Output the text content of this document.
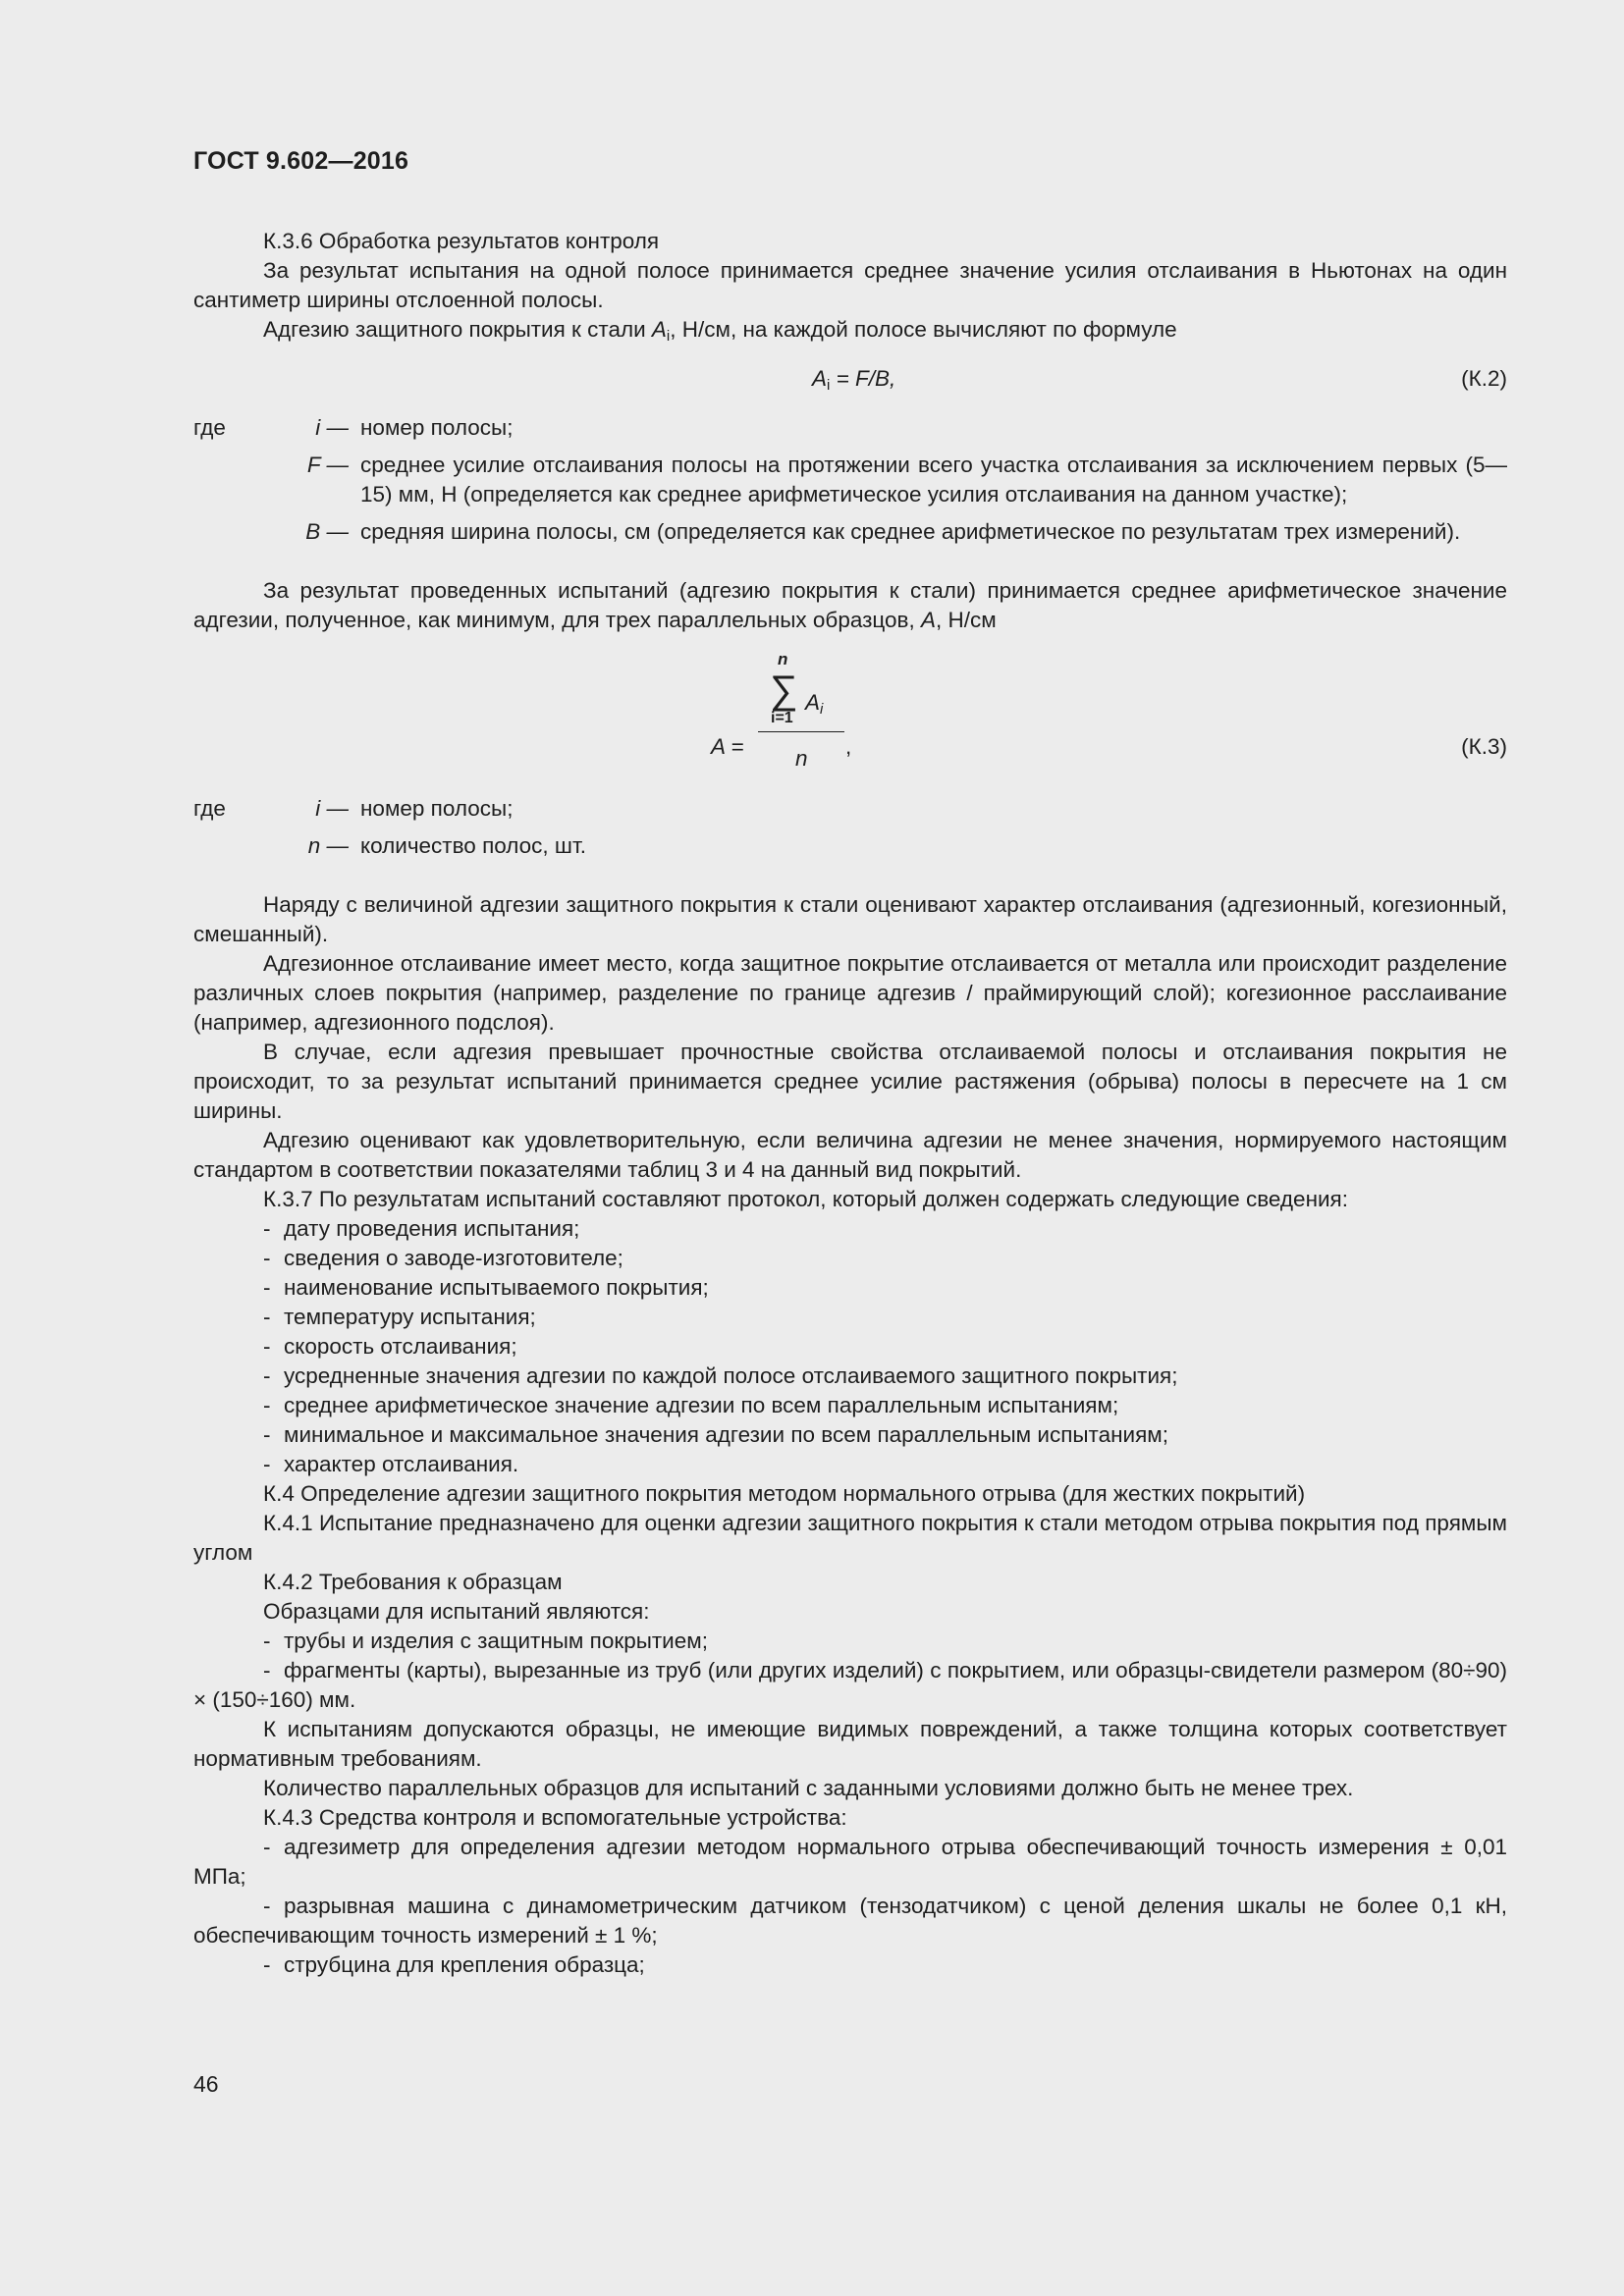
ГОСТ 9.602—2016

К.3.6 Обработка результатов контроля

За результат испытания на одной полосе принимается среднее значение усилия отслаивания в Ньютонах на один сантиметр ширины отслоенной полосы.

Адгезию защитного покрытия к стали $A_i$, Н/см, на каждой полосе вычисляют по формуле

$A_i = F/B$,	(К.2)
где	i —	номер полосы;
	F —	среднее усилие отслаивания полосы на протяжении всего участка отслаивания за исключением первых (5—15) мм, Н (определяется как среднее арифметическое усилия отслаивания на данном участке);
	B —	средняя ширина полосы, см (определяется как среднее арифметическое по результатам трех измерений).

За результат проведенных испытаний (адгезию покрытия к стали) принимается среднее арифметическое значение адгезии, полученное, как минимум, для трех параллельных образцов, A, Н/см

A =
n
∑
i=1
$A_i$
n ,	(К.3)
где	i —	номер полосы;
	n —	количество полос, шт.

Наряду с величиной адгезии защитного покрытия к стали оценивают характер отслаивания (адгезионный, когезионный, смешанный).

Адгезионное отслаивание имеет место, когда защитное покрытие отслаивается от металла или происходит разделение различных слоев покрытия (например, разделение по границе адгезив / праймирующий слой); когезионное расслаивание (например, адгезионного подслоя).

В случае, если адгезия превышает прочностные свойства отслаиваемой полосы и отслаивания покрытия не происходит, то за результат испытаний принимается среднее усилие растяжения (обрыва) полосы в пересчете на 1 см ширины.

Адгезию оценивают как удовлетворительную, если величина адгезии не менее значения, нормируемого настоящим стандартом в соответствии показателями таблиц 3 и 4 на данный вид покрытий.

К.3.7 По результатам испытаний составляют протокол, который должен содержать следующие сведения:

- дату проведения испытания;

- сведения о заводе-изготовителе;

- наименование испытываемого покрытия;

- температуру испытания;

- скорость отслаивания;

- усредненные значения адгезии по каждой полосе отслаиваемого защитного покрытия;

- среднее арифметическое значение адгезии по всем параллельным испытаниям;

- минимальное и максимальное значения адгезии по всем параллельным испытаниям;

- характер отслаивания.

К.4 Определение адгезии защитного покрытия методом нормального отрыва (для жестких покрытий)

К.4.1 Испытание предназначено для оценки адгезии защитного покрытия к стали методом отрыва покрытия под прямым углом

К.4.2 Требования к образцам

Образцами для испытаний являются:

- трубы и изделия с защитным покрытием;

- фрагменты (карты), вырезанные из труб (или других изделий) с покрытием, или образцы-свидетели размером (80÷90) × (150÷160) мм.

К испытаниям допускаются образцы, не имеющие видимых повреждений, а также толщина которых соответствует нормативным требованиям.

Количество параллельных образцов для испытаний с заданными условиями должно быть не менее трех.

К.4.3 Средства контроля и вспомогательные устройства:

- адгезиметр для определения адгезии методом нормального отрыва обеспечивающий точность измерения ± 0,01 МПа;

- разрывная машина с динамометрическим датчиком (тензодатчиком) с ценой деления шкалы не более 0,1 кН, обеспечивающим точность измерений ± 1 %;

- струбцина для крепления образца;

46
